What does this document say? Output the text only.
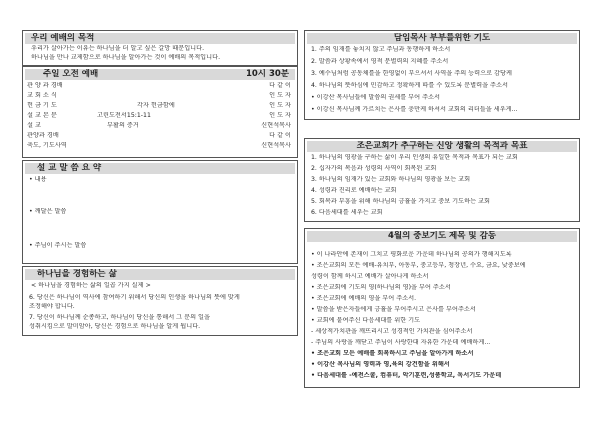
우리 예배의 목적
우리가 살아가는 이유는 하나님을 더 알고 싶은 갈망 때문입니다.
하나님을 만나 교제함으로 하나님을 알아가는 것이 예배의 목적입니다.
주일 오전 예배	10시 30분
관 양 과 경배	다 같 이
교 회 소 식	인 도 자
헌 금 기 도	각자 헌금함에	인 도 자
설 교 본 문	고린도전서15:1-11	인 도 자
설 교	부활의 증거	신현석목사
관양과 경배	다 같 이
축도, 기도사역	신현석목사
설 교 말 씀 요 약
• 내용
• 깨달은 말씀
• 주님이 주시는 말씀
하나님을 경험하는 삶
< 하나님을 경험하는 삶의 일곱 가지 실제 >
6. 당신은 하나님이 역사에 참여하기 위해서 당신의 인생을 하나님의 뜻에 맞게
조정해야 합니다.
7. 당신이 하나님께 순종하고, 하나님이 당신을 통해서 그 분의 일을
성취시킴으로 말미암아, 당신은 경험으로 하나님을 알게 됩니다.
담임목사 부부를위한 기도
1. 주의 임재를 놓치지 않고 주님과 동행하게 하소서
2. 말씀과 상황속에서 영적 분별력의 지혜를 주소서
3. 예수님처럼 공동체를을 한영없이 부으셔서 사역을 주의 능력으로 감당케
4. 하나님의 뜻하심에 민감하고 정확하게 따를 수 있도록 분별력을 주소서
• 이강산 목사님들에 말씀의 권세를 부어 주소서
• 이강신 목사님께 가르치는 은사를 충만케 하셔서 교회의 리더들을 세우게...
조은교회가 추구하는 신앙 생활의 목적과 목표
1. 하나님의 영광을 구하는 삶이 우리 인생의 유일한 목적과 목표가 되는 교회
2. 십자가의 복음과 성령의 사역이 회복된 교회
3. 하나님의 임재가 있는 교회와 하나님의 영광을 보는 교회
4. 성령과 진리로 예배하는 교회
5. 회복과 부흥을 위해 하나님의 긍휼을 가지고 중보 기도하는 교회
6. 다음세대를 세우는 교회
4월의 중보기도 제목 및 감동
• 이 나라안에 존재이 그치고 평화로운 가운데 하나님의 공의가 행해지도록
• 조은교회의 모든 예배-유치부, 아동부, 중고등부, 청장년, 수요, 금요, 낮중보에
성령이 함께 하시고 예배가 살아나게 하소서
• 조은교회에 기도의 영(하나님의 영)을 부어 주소서
• 조은교회에 예배의 영을 부어 주소서.
• 말씀을 받은자들에게 긍휼을 부어주시고 은사를 부어주소서
• 교회에 붙여주신 다음세대를 위한 기도
- 세상적가치관을 깨뜨리시고 성경적인 가치관을 심어주소서
- 주님의 사랑을 깨닫고 주님이 사랑한대 자유한 가운데 예배하게...
• 조은교회 모든 예배를 회복하시고 주님을 알아가게 하소서
• 이강산 목사님의 영력과 영,육의 강건함을 위해서
• 다음세대를 -예전스쿨, 컴퓨터, 악기훈련,성품학교, 독서기도 가운데
